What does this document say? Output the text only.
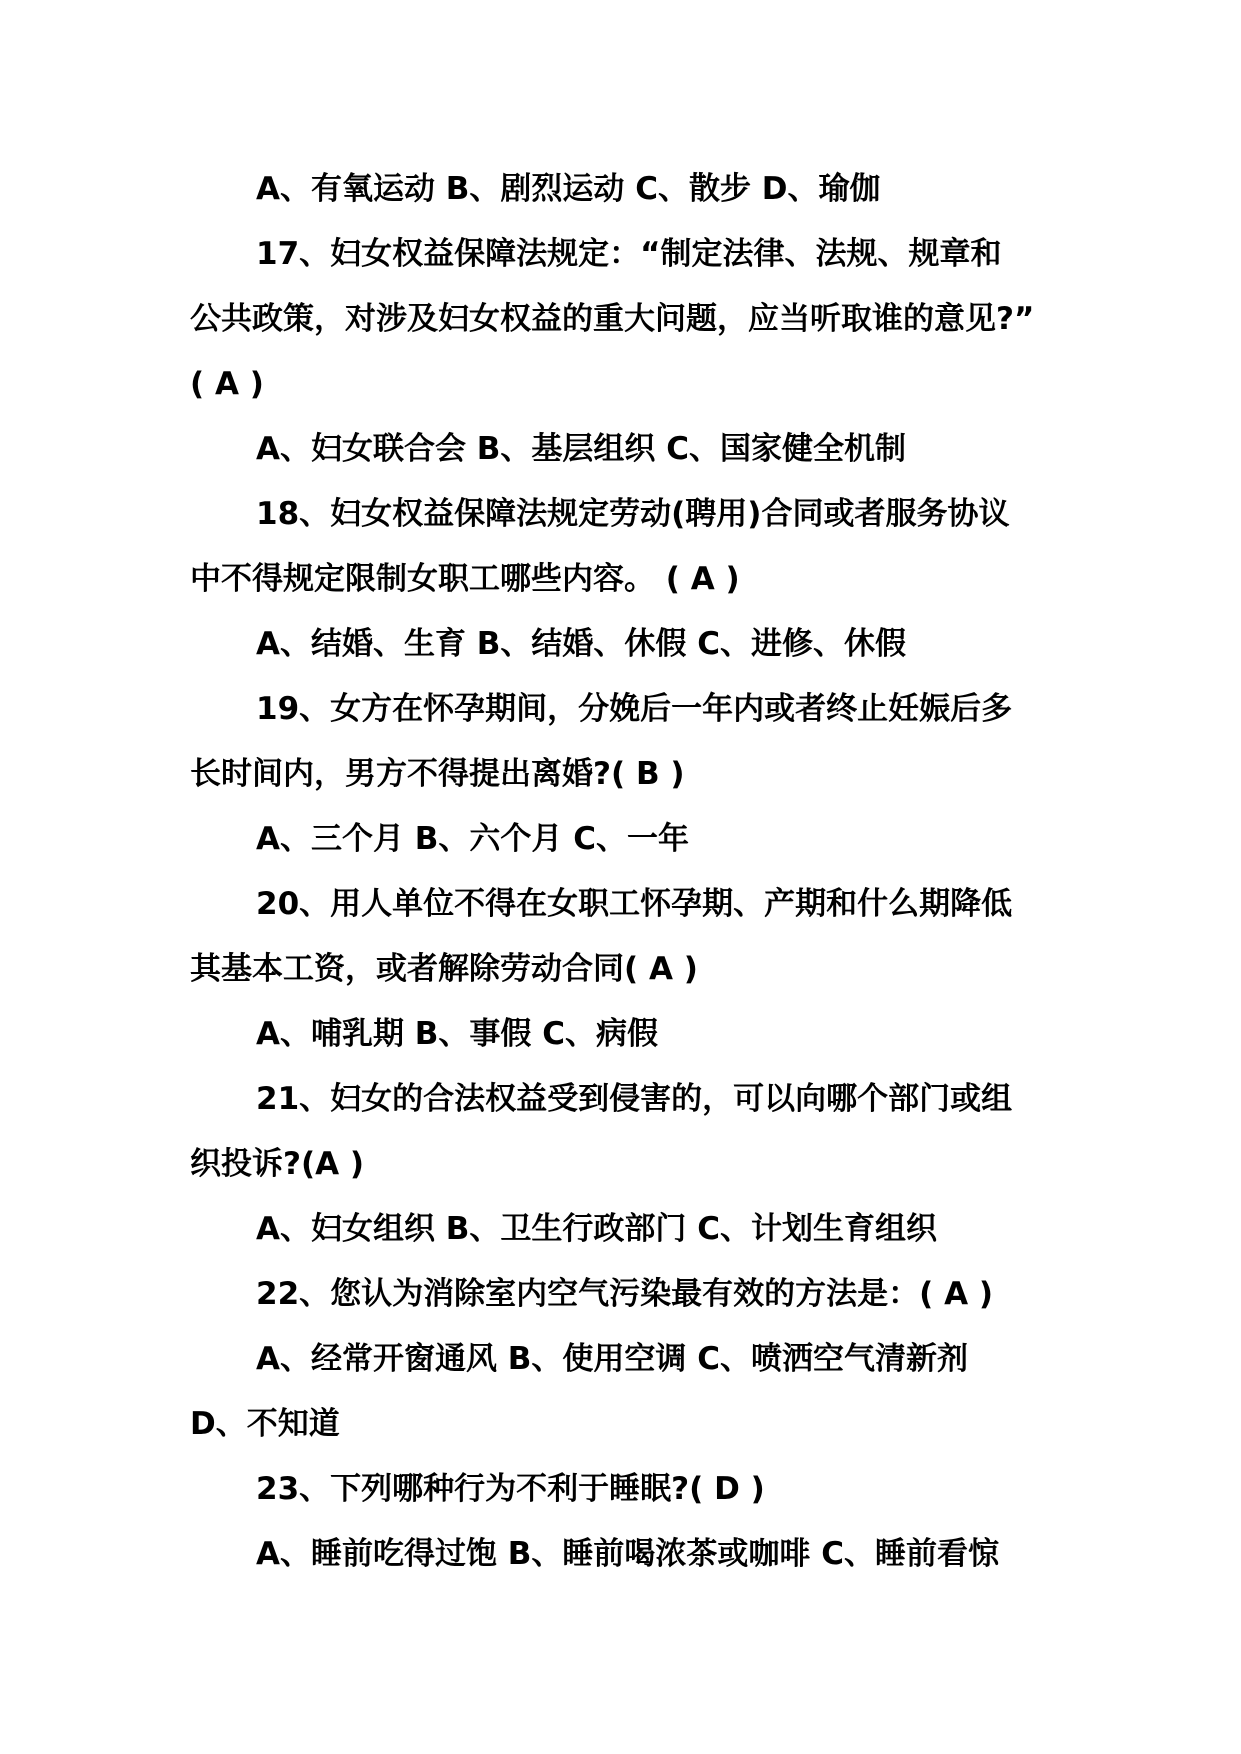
A、有氧运动 B、剧烈运动 C、散步 D、瑜伽
17、妇女权益保障法规定：“制定法律、法规、规章和
公共政策，对涉及妇女权益的重大问题，应当听取谁的意见?”
( A )
A、妇女联合会 B、基层组织 C、国家健全机制
18、妇女权益保障法规定劳动(聘用)合同或者服务协议
中不得规定限制女职工哪些内容。 ( A )
A、结婚、生育 B、结婚、休假 C、进修、休假
19、女方在怀孕期间，分娩后一年内或者终止妊娠后多
长时间内，男方不得提出离婚?( B )
A、三个月 B、六个月 C、一年
20、用人单位不得在女职工怀孕期、产期和什么期降低
其基本工资，或者解除劳动合同( A )
A、哺乳期 B、事假 C、病假
21、妇女的合法权益受到侵害的，可以向哪个部门或组
织投诉?(A )
A、妇女组织 B、卫生行政部门 C、计划生育组织
22、您认为消除室内空气污染最有效的方法是：( A )
A、经常开窗通风 B、使用空调 C、喷洒空气清新剂
D、不知道
23、下列哪种行为不利于睡眠?( D )
A、睡前吃得过饱 B、睡前喝浓茶或咖啡 C、睡前看惊
